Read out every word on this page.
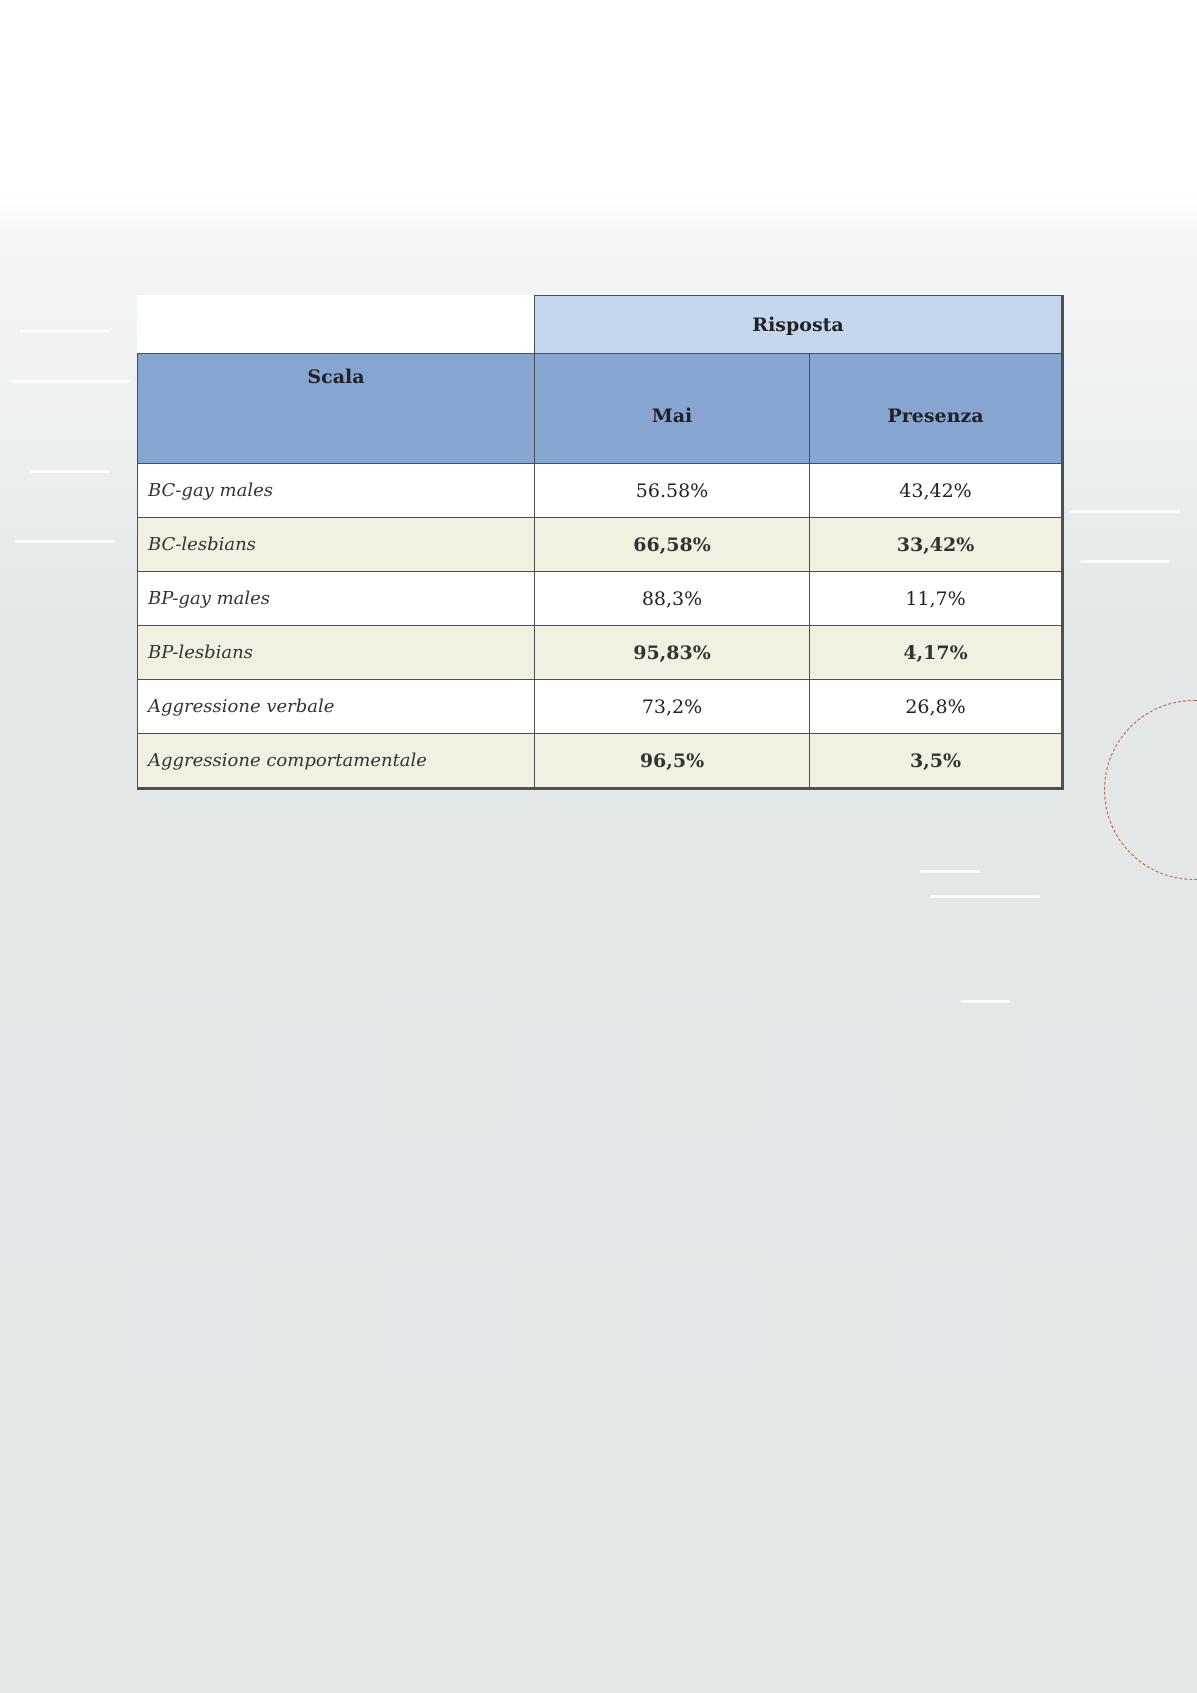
	Risposta	
Scala	Mai	Presenza
BC-gay males	56.58%	43,42%
BC-lesbians	66,58%	33,42%
BP-gay males	88,3%	11,7%
BP-lesbians	95,83%	4,17%
Aggressione verbale	73,2%	26,8%
Aggressione comportamentale	96,5%	3,5%
